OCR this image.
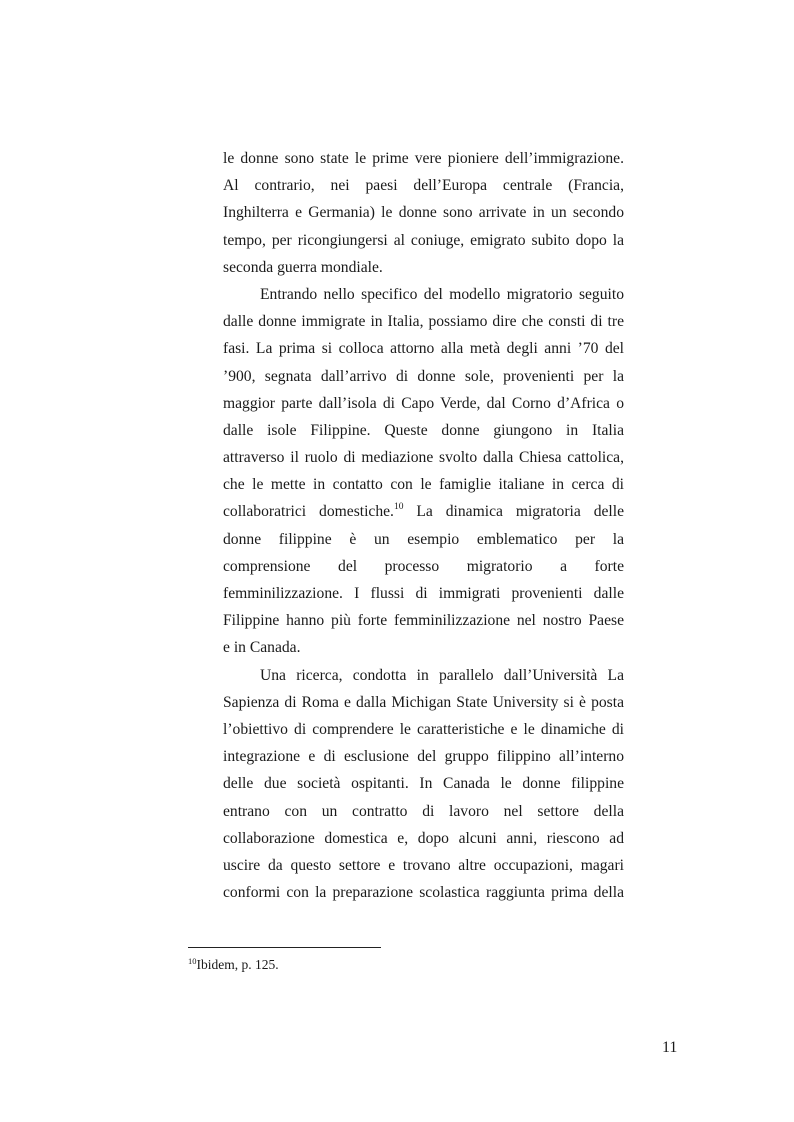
le donne sono state le prime vere pioniere dell’immigrazione.
Al contrario, nei paesi dell’Europa centrale (Francia,
Inghilterra e Germania) le donne sono arrivate in un secondo
tempo, per ricongiungersi al coniuge, emigrato subito dopo la
seconda guerra mondiale.
Entrando nello specifico del modello migratorio seguito
dalle donne immigrate in Italia, possiamo dire che consti di tre
fasi. La prima si colloca attorno alla metà degli anni ’70 del
’900, segnata dall’arrivo di donne sole, provenienti per la
maggior parte dall’isola di Capo Verde, dal Corno d’Africa o
dalle isole Filippine. Queste donne giungono in Italia
attraverso il ruolo di mediazione svolto dalla Chiesa cattolica,
che le mette in contatto con le famiglie italiane in cerca di
collaboratrici domestiche.$^{10}$ La dinamica migratoria delle
donne filippine è un esempio emblematico per la
comprensione del processo migratorio a forte
femminilizzazione. I flussi di immigrati provenienti dalle
Filippine hanno più forte femminilizzazione nel nostro Paese
e in Canada.
Una ricerca, condotta in parallelo dall’Università La
Sapienza di Roma e dalla Michigan State University si è posta
l’obiettivo di comprendere le caratteristiche e le dinamiche di
integrazione e di esclusione del gruppo filippino all’interno
delle due società ospitanti. In Canada le donne filippine
entrano con un contratto di lavoro nel settore della
collaborazione domestica e, dopo alcuni anni, riescono ad
uscire da questo settore e trovano altre occupazioni, magari
conformi con la preparazione scolastica raggiunta prima della
$^{10}$Ibidem, p. 125.
11
